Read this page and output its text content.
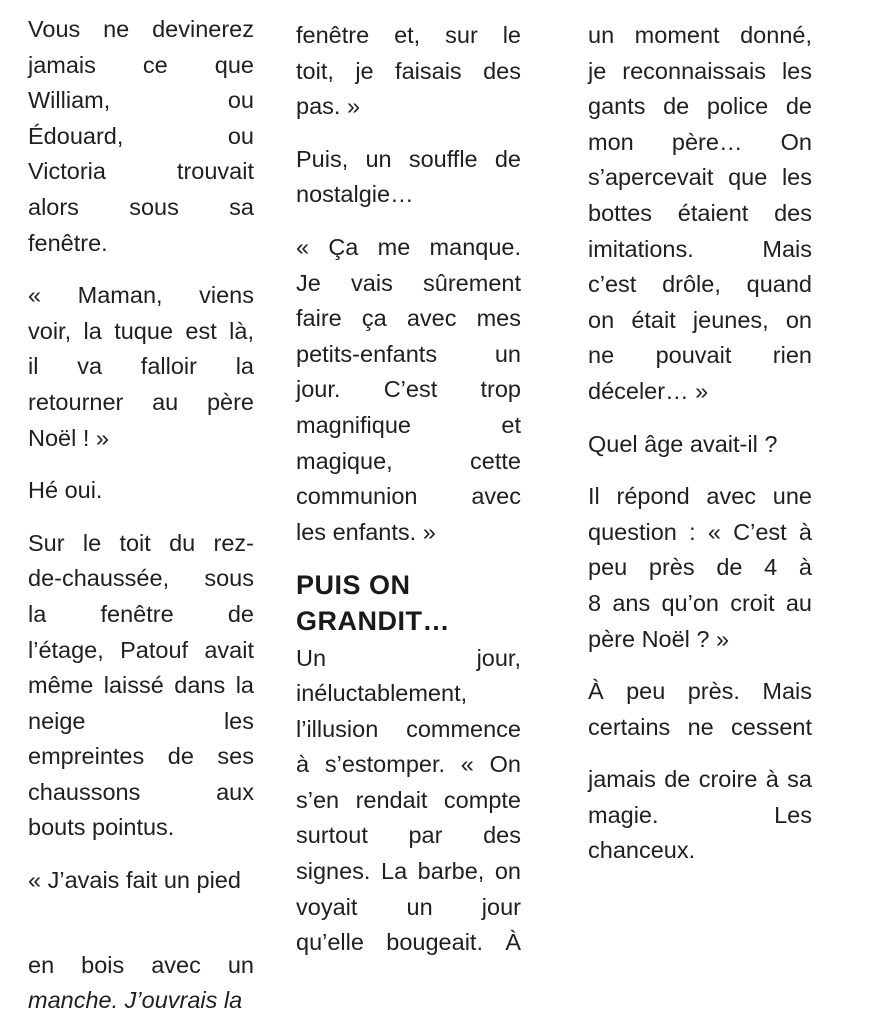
Vous ne devinerez
jamais ce que
William, ou
Édouard, ou
Victoria trouvait
alors sous sa
fenêtre.
« Maman, viens
voir, la tuque est là,
il va falloir la
retourner au père
Noël ! »
Hé oui.
Sur le toit du rez-
de-chaussée, sous
la fenêtre de
l’étage, Patouf avait
même laissé dans la
neige les
empreintes de ses
chaussons aux
bouts pointus.
« J’avais fait un pied
en bois avec un
manche. J’ouvrais la
fenêtre et, sur le
toit, je faisais des
pas. »
Puis, un souffle de
nostalgie…
« Ça me manque.
Je vais sûrement
faire ça avec mes
petits-enfants un
jour. C’est trop
magnifique et
magique, cette
communion avec
les enfants. »
PUIS ON
GRANDIT…
Un jour,
inéluctablement,
l’illusion commence
à s’estomper. « On
s’en rendait compte
surtout par des
signes. La barbe, on
voyait un jour
qu’elle bougeait. À
un moment donné,
je reconnaissais les
gants de police de
mon père… On
s’apercevait que les
bottes étaient des
imitations. Mais
c’est drôle, quand
on était jeunes, on
ne pouvait rien
déceler… »
Quel âge avait-il ?
Il répond avec une
question : « C’est à
peu près de 4 à
8 ans qu’on croit au
père Noël ? »
À peu près. Mais
certains ne cessent
jamais de croire à sa
magie. Les
chanceux.
